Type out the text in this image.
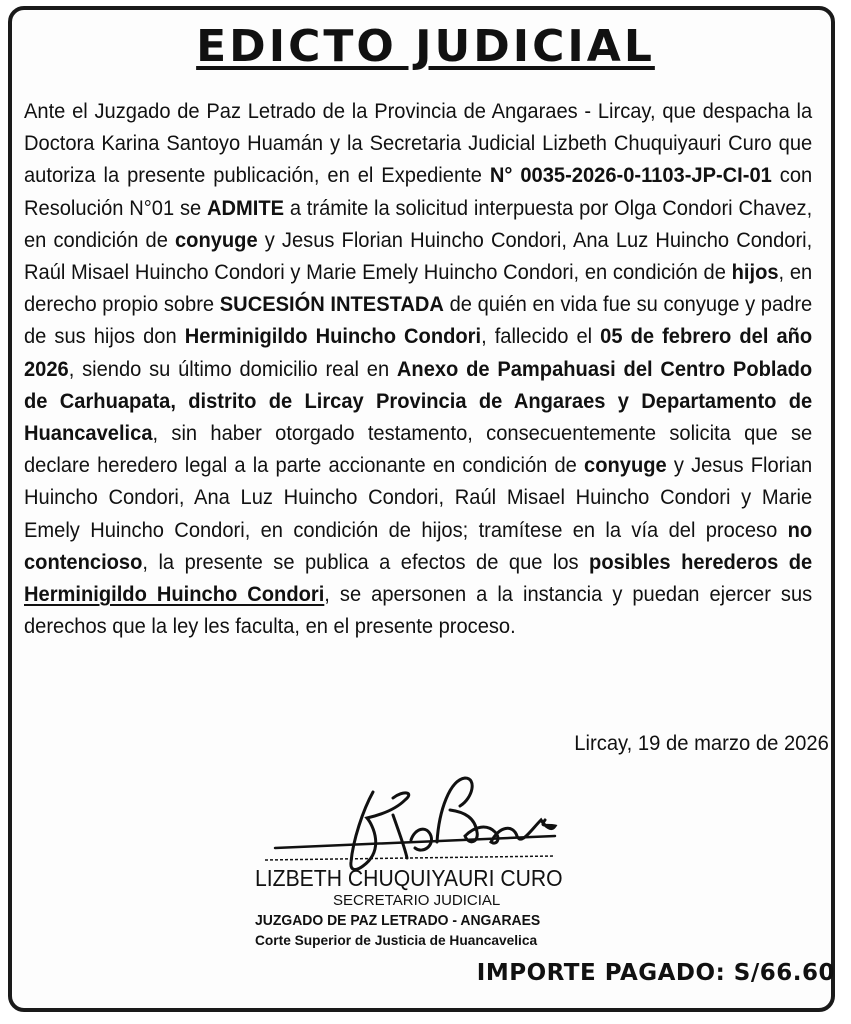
EDICTO JUDICIAL
Ante el Juzgado de Paz Letrado de la Provincia de Angaraes - Lircay, que despacha la Doctora Karina Santoyo Huamán y la Secretaria Judicial Lizbeth Chuquiyauri Curo que autoriza la presente publicación, en el Expediente N° 0035-2026-0-1103-JP-CI-01 con Resolución N°01 se ADMITE a trámite la solicitud interpuesta por Olga Condori Chavez, en condición de conyuge y Jesus Florian Huincho Condori, Ana Luz Huincho Condori, Raúl Misael Huincho Condori y Marie Emely Huincho Condori, en condición de hijos, en derecho propio sobre SUCESIÓN INTESTADA de quién en vida fue su conyuge y padre de sus hijos don Herminigildo Huincho Condori, fallecido el 05 de febrero del año 2026, siendo su último domicilio real en Anexo de Pampahuasi del Centro Poblado de Carhuapata, distrito de Lircay Provincia de Angaraes y Departamento de Huancavelica, sin haber otorgado testamento, consecuentemente solicita que se declare heredero legal a la parte accionante en condición de conyuge y Jesus Florian Huincho Condori, Ana Luz Huincho Condori, Raúl Misael Huincho Condori y Marie Emely Huincho Condori, en condición de hijos; tramítese en la vía del proceso no contencioso, la presente se publica a efectos de que los posibles herederos de Herminigildo Huincho Condori, se apersonen a la instancia y puedan ejercer sus derechos que la ley les faculta, en el presente proceso.
Lircay, 19 de marzo de 2026
LIZBETH CHUQUIYAURI CURO
SECRETARIO JUDICIAL
JUZGADO DE PAZ LETRADO - ANGARAES
Corte Superior de Justicia de Huancavelica
IMPORTE PAGADO: S/66.60
